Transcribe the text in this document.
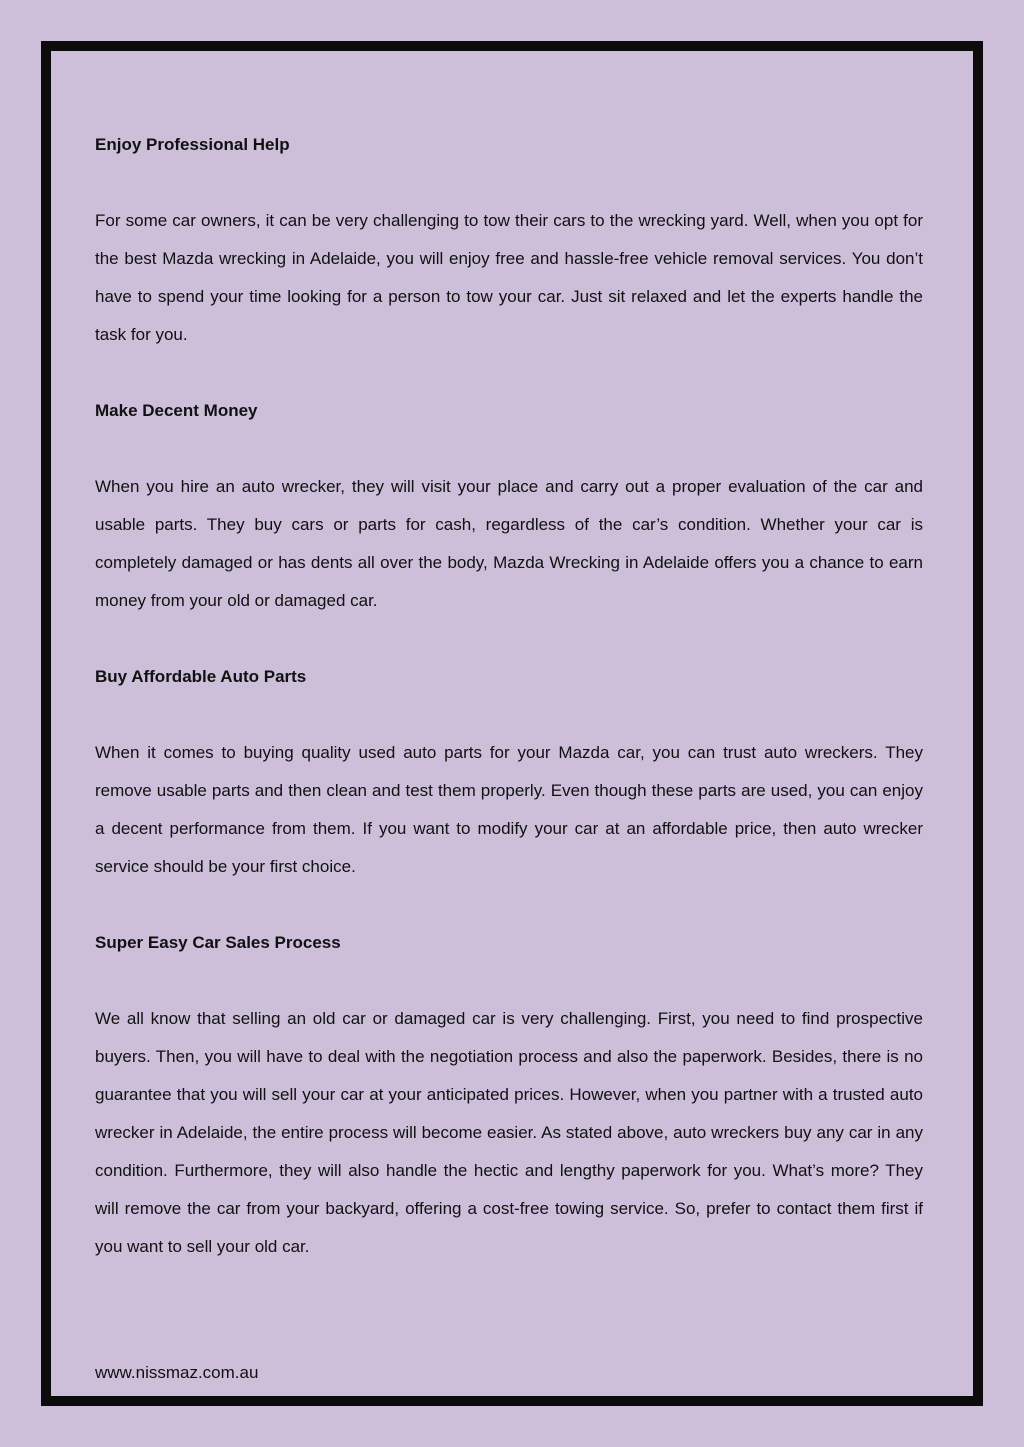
Enjoy Professional Help

For some car owners, it can be very challenging to tow their cars to the wrecking yard. Well, when you opt for the best Mazda wrecking in Adelaide, you will enjoy free and hassle-free vehicle removal services. You don’t have to spend your time looking for a person to tow your car. Just sit relaxed and let the experts handle the task for you.

Make Decent Money

When you hire an auto wrecker, they will visit your place and carry out a proper evaluation of the car and usable parts. They buy cars or parts for cash, regardless of the car’s condition. Whether your car is completely damaged or has dents all over the body, Mazda Wrecking in Adelaide offers you a chance to earn money from your old or damaged car.

Buy Affordable Auto Parts

When it comes to buying quality used auto parts for your Mazda car, you can trust auto wreckers. They remove usable parts and then clean and test them properly. Even though these parts are used, you can enjoy a decent performance from them. If you want to modify your car at an affordable price, then auto wrecker service should be your first choice.

Super Easy Car Sales Process

We all know that selling an old car or damaged car is very challenging. First, you need to find prospective buyers. Then, you will have to deal with the negotiation process and also the paperwork. Besides, there is no guarantee that you will sell your car at your anticipated prices. However, when you partner with a trusted auto wrecker in Adelaide, the entire process will become easier. As stated above, auto wreckers buy any car in any condition. Furthermore, they will also handle the hectic and lengthy paperwork for you. What’s more? They will remove the car from your backyard, offering a cost-free towing service. So, prefer to contact them first if you want to sell your old car.

www.nissmaz.com.au
